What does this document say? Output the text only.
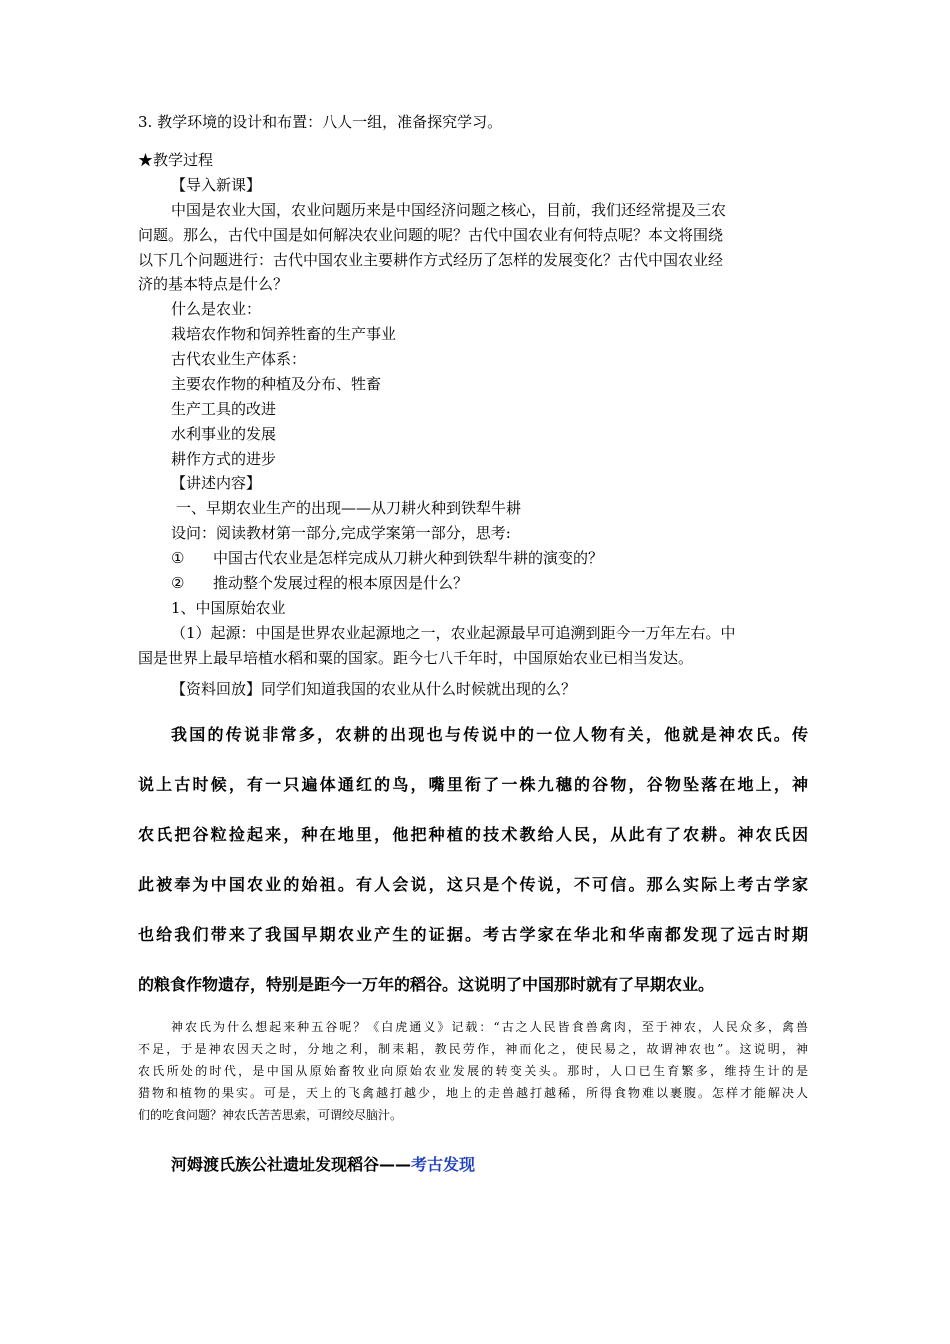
3. 教学环境的设计和布置：八人一组，准备探究学习。
★教学过程
【导入新课】
中国是农业大国，农业问题历来是中国经济问题之核心，目前，我们还经常提及三农
问题。那么，古代中国是如何解决农业问题的呢？古代中国农业有何特点呢？本文将围绕
以下几个问题进行：古代中国农业主要耕作方式经历了怎样的发展变化？古代中国农业经
济的基本特点是什么？
什么是农业：
栽培农作物和饲养牲畜的生产事业
古代农业生产体系：
主要农作物的种植及分布、牲畜
生产工具的改进
水利事业的发展
耕作方式的进步
【讲述内容】
一、早期农业生产的出现——从刀耕火种到铁犁牛耕
设问：阅读教材第一部分,完成学案第一部分，思考:
① 中国古代农业是怎样完成从刀耕火种到铁犁牛耕的演变的？
② 推动整个发展过程的根本原因是什么？
1、中国原始农业
（1）起源：中国是世界农业起源地之一，农业起源最早可追溯到距今一万年左右。中
国是世界上最早培植水稻和粟的国家。距今七八千年时，中国原始农业已相当发达。
【资料回放】同学们知道我国的农业从什么时候就出现的么？
我国的传说非常多，农耕的出现也与传说中的一位人物有关，他就是神农氏。传
说上古时候，有一只遍体通红的鸟，嘴里衔了一株九穗的谷物，谷物坠落在地上，神
农氏把谷粒捡起来，种在地里，他把种植的技术教给人民，从此有了农耕。神农氏因
此被奉为中国农业的始祖。有人会说，这只是个传说，不可信。那么实际上考古学家
也给我们带来了我国早期农业产生的证据。考古学家在华北和华南都发现了远古时期
的粮食作物遗存，特别是距今一万年的稻谷。这说明了中国那时就有了早期农业。
神农氏为什么想起来种五谷呢？《白虎通义》记载：“古之人民皆食兽禽肉，至于神农，人民众多，禽兽
不足，于是神农因天之时，分地之利，制耒耜，教民劳作，神而化之，使民易之，故谓神农也”。这说明，神
农氏所处的时代，是中国从原始畜牧业向原始农业发展的转变关头。那时，人口已生育繁多，维持生计的是
猎物和植物的果实。可是，天上的飞禽越打越少，地上的走兽越打越稀，所得食物难以裹腹。怎样才能解决人
们的吃食问题？神农氏苦苦思索，可谓绞尽脑汁。
河姆渡氏族公社遗址发现稻谷——考古发现
